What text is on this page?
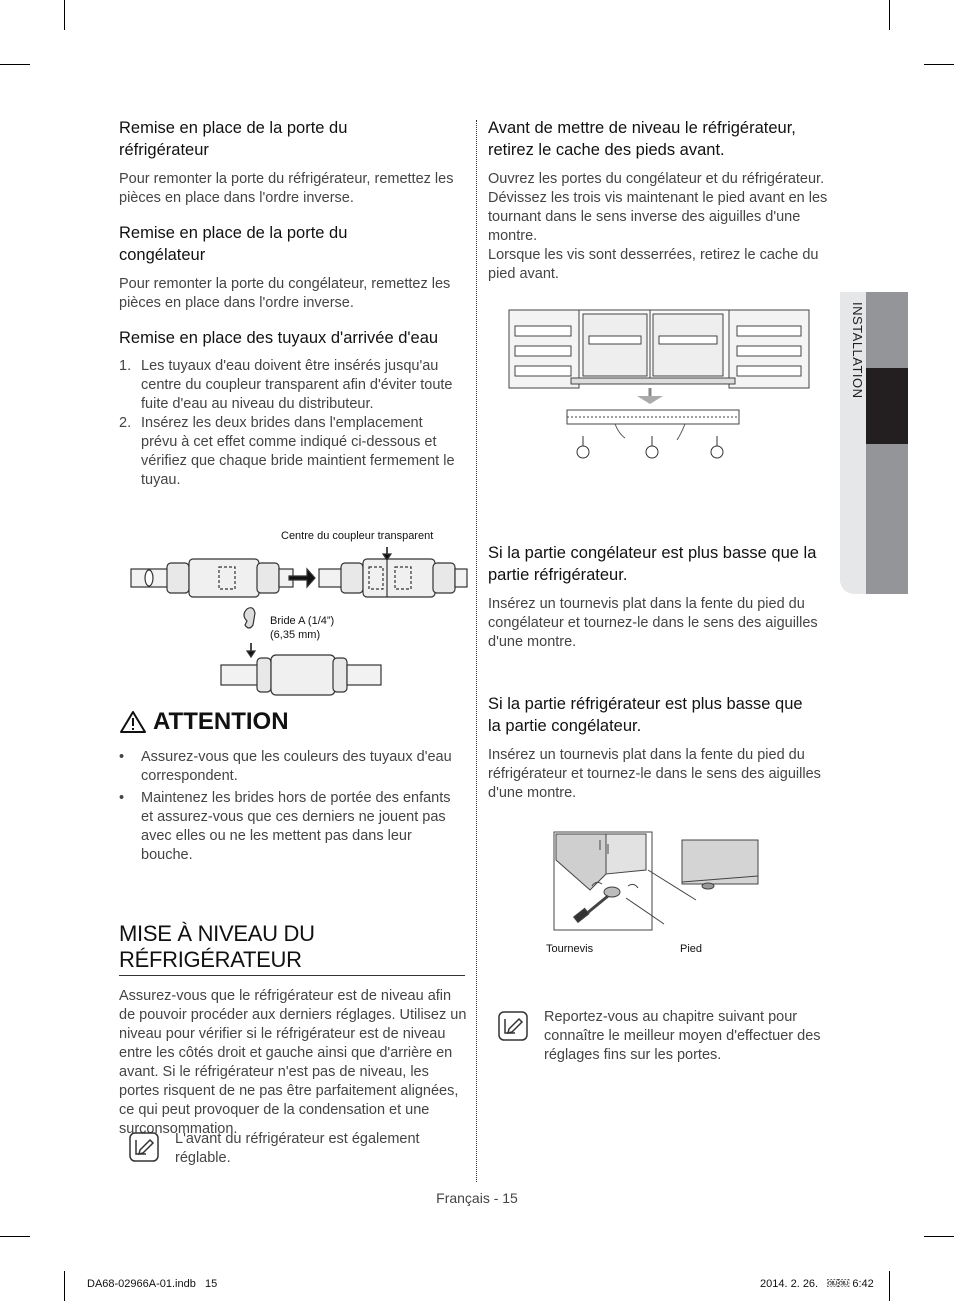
INSTALLATION
Remise en place de la porte du réfrigérateur

Pour remonter la porte du réfrigérateur, remettez les pièces en place dans l'ordre inverse.

Remise en place de la porte du congélateur

Pour remonter la porte du congélateur, remettez les pièces en place dans l'ordre inverse.

Remise en place des tuyaux d'arrivée d'eau
1. Les tuyaux d'eau doivent être insérés jusqu'au centre du coupleur transparent afin d'éviter toute fuite d'eau au niveau du distributeur.
2. Insérez les deux brides dans l'emplacement prévu à cet effet comme indiqué ci-dessous et vérifiez que chaque bride maintient fermement le tuyau.
Centre du coupleur transparent
Bride A (1/4”)
(6,35 mm)
ATTENTION
• Assurez-vous que les couleurs des tuyaux d'eau correspondent.
• Maintenez les brides hors de portée des enfants et assurez-vous que ces derniers ne jouent pas avec elles ou ne les mettent pas dans leur bouche.
MISE À NIVEAU DU RÉFRIGÉRATEUR

Assurez-vous que le réfrigérateur est de niveau afin de pouvoir procéder aux derniers réglages. Utilisez un niveau pour vérifier si le réfrigérateur est de niveau entre les côtés droit et gauche ainsi que d'arrière en avant. Si le réfrigérateur n'est pas de niveau, les portes risquent de ne pas être parfaitement alignées, ce qui peut provoquer de la condensation et une surconsommation.

L'avant du réfrigérateur est également réglable.

Avant de mettre de niveau le réfrigérateur, retirez le cache des pieds avant.

Ouvrez les portes du congélateur et du réfrigérateur. Dévissez les trois vis maintenant le pied avant en les tournant dans le sens inverse des aiguilles d'une montre.

Lorsque les vis sont desserrées, retirez le cache du pied avant.

Si la partie congélateur est plus basse que la partie réfrigérateur.

Insérez un tournevis plat dans la fente du pied du congélateur et tournez-le dans le sens des aiguilles d'une montre.

Si la partie réfrigérateur est plus basse que la partie congélateur.

Insérez un tournevis plat dans la fente du pied du réfrigérateur et tournez-le dans le sens des aiguilles d'une montre.

Tournevis	Pied

Reportez-vous au chapitre suivant pour connaître le meilleur moyen d'effectuer des réglages fins sur les portes.

Français - 15
DA68-02966A-01.indb   15	2014. 2. 26.   ￼￼ 6:42
